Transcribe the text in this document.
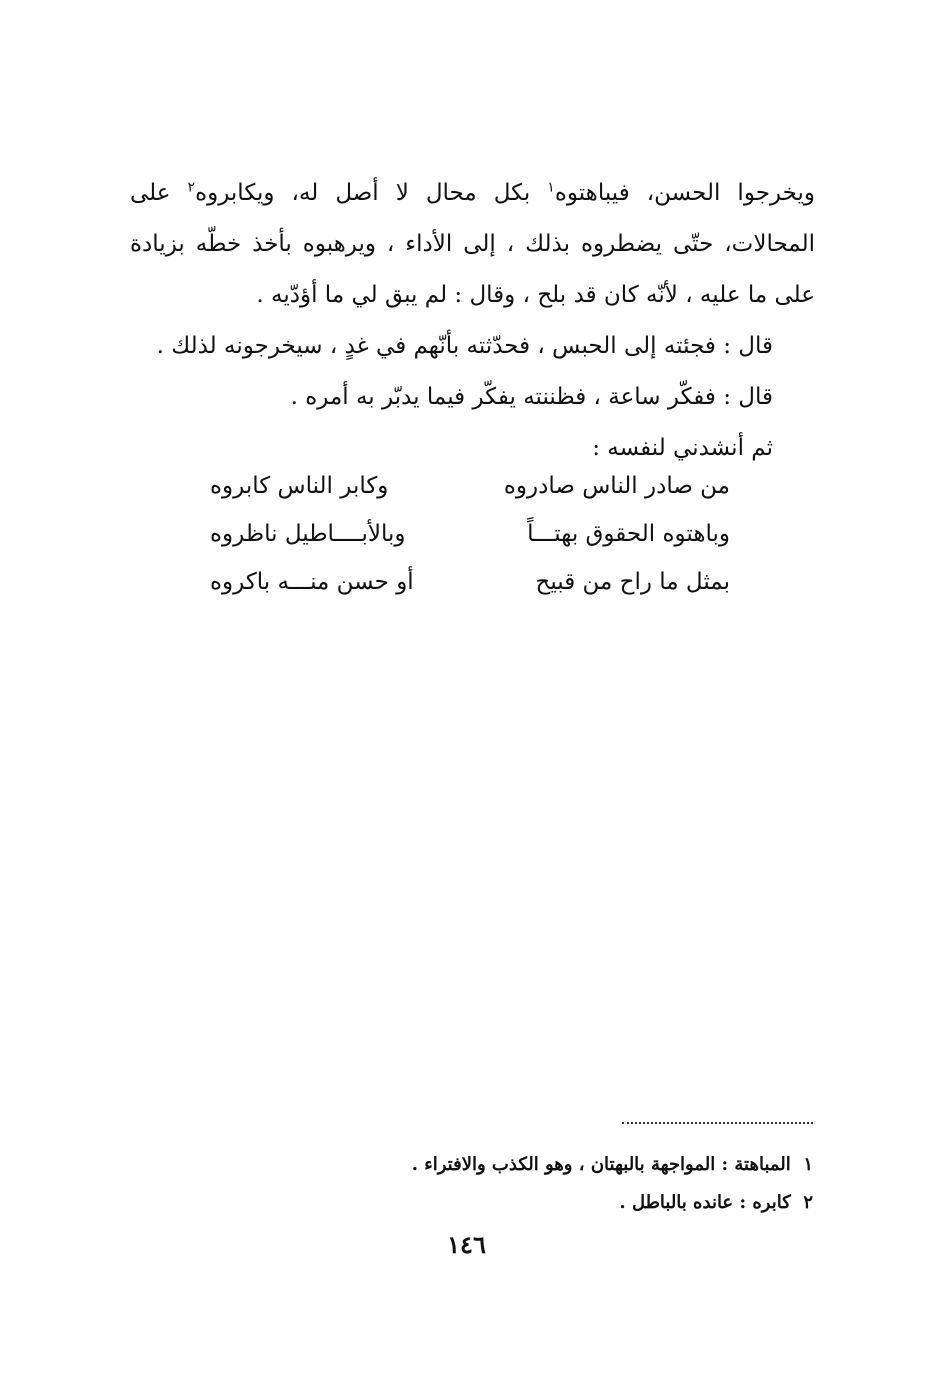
ويخرجوا الحسن، فيباهتوه$^١$ بكل محال لا أصل له، ويكابروه$^٢$ على المحالات، حتّى يضطروه بذلك ، إلى الأداء ، ويرهبوه بأخذ خطّه بزيادة على ما عليه ، لأنّه كان قد بلح ، وقال : لم يبق لي ما أؤدّيه .

قال : فجئته إلى الحبس ، فحدّثته بأنّهم في غدٍ ، سيخرجونه لذلك .

قال : ففكّر ساعة ، فظننته يفكّر فيما يدبّر به أمره .

ثم أنشدني لنفسه :

من صادر الناس صادروه
وكابر الناس كابروه
وباهتوه الحقوق بهتـــاً
وبالأبــــاطيل ناظروه
بمثل ما راح من قبيح
أو حسن منـــه باكروه

١  المباهتة : المواجهة بالبهتان ، وهو الكذب والافتراء .

٢  كابره : عانده بالباطل .

١٤٦
